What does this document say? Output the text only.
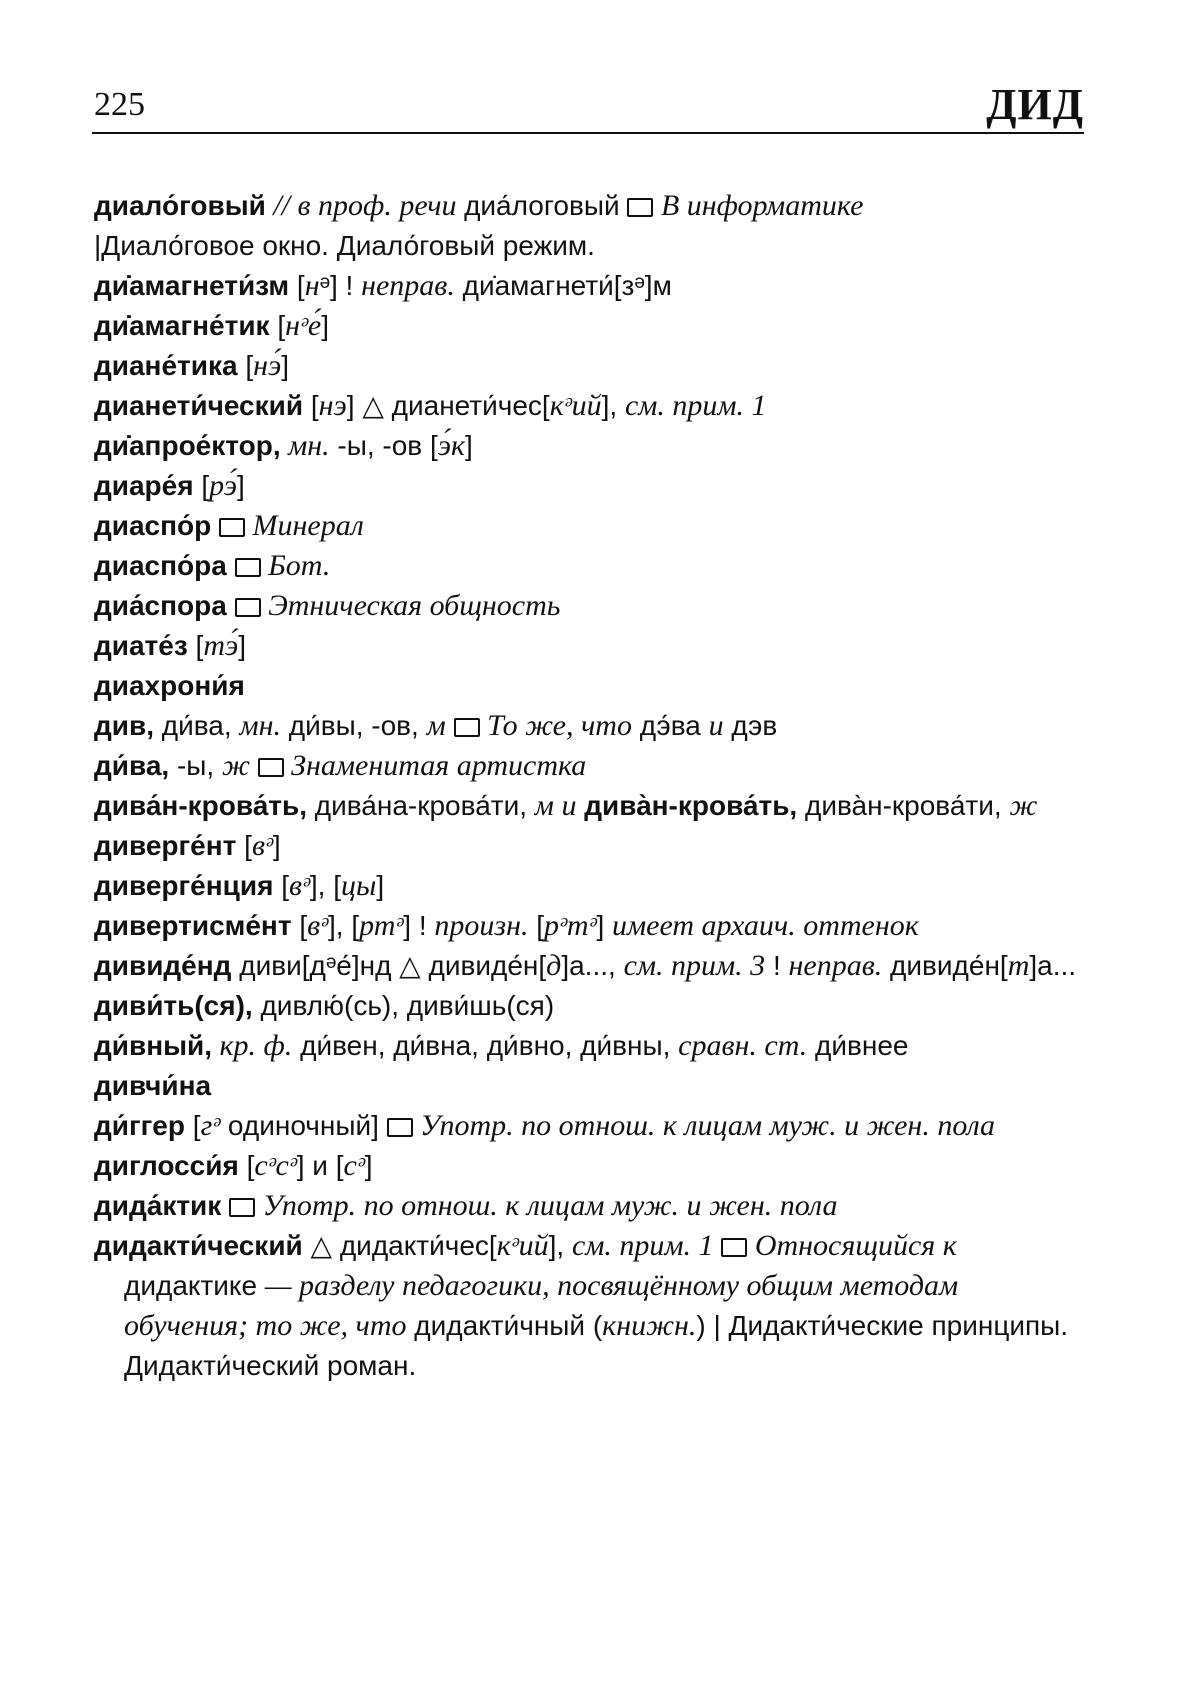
225	ДИД
диало́говый // в проф. речи диа́логовый  В информатике
|Диало́говое окно. Диало́говый режим.
ди̇амагнети́зм [нᵊ] ! неправ. ди̇амагнети́[зᵊ]м
ди̇амагне́тик [нᵊе́]
диане́тика [нэ́]
дианети́ческий [нэ] △ дианети́чес[кᵊий], см. прим. 1
ди̇апрое́ктор, мн. -ы, -ов [э́к]
диаре́я [рэ́]
диаспо́р  Минерал
диаспо́ра  Бот.
диа́спора  Этническая общность
диате́з [тэ́]
диахрони́я
див, ди́ва, мн. ди́вы, -ов, м  То же, что дэ́ва и дэв
ди́ва, -ы, ж  Знаменитая артистка
дива́н-крова́ть, дива́на-крова́ти, м и дива̀н-крова́ть, дива̀н-крова́ти, ж
диверге́нт [вᵊ]
диверге́нция [вᵊ], [цы]
дивертисме́нт [вᵊ], [ртᵊ] ! произн. [рᵊтᵊ] имеет архаич. оттенок
дивиде́нд диви[дᵊе́]нд △ дивиде́н[д]а..., см. прим. 3 ! неправ. дивиде́н[т]а...
диви́ть(ся), дивлю́(сь), диви́шь(ся)
ди́вный, кр. ф. ди́вен, ди́вна, ди́вно, ди́вны, сравн. ст. ди́внее
дивчи́на
ди́ггер [гᵊ одиночный]  Употр. по отнош. к лицам муж. и жен. пола
диглосси́я [сᵊсᵊ] и [сᵊ]
дида́ктик  Употр. по отнош. к лицам муж. и жен. пола
дидакти́ческий △ дидакти́чес[кᵊий], см. прим. 1  Относящийся к дидактике — разделу педагогики, посвящённому общим методам обучения; то же, что дидакти́чный (книжн.) | Дидакти́ческие принципы. Дидакти́ческий роман.
